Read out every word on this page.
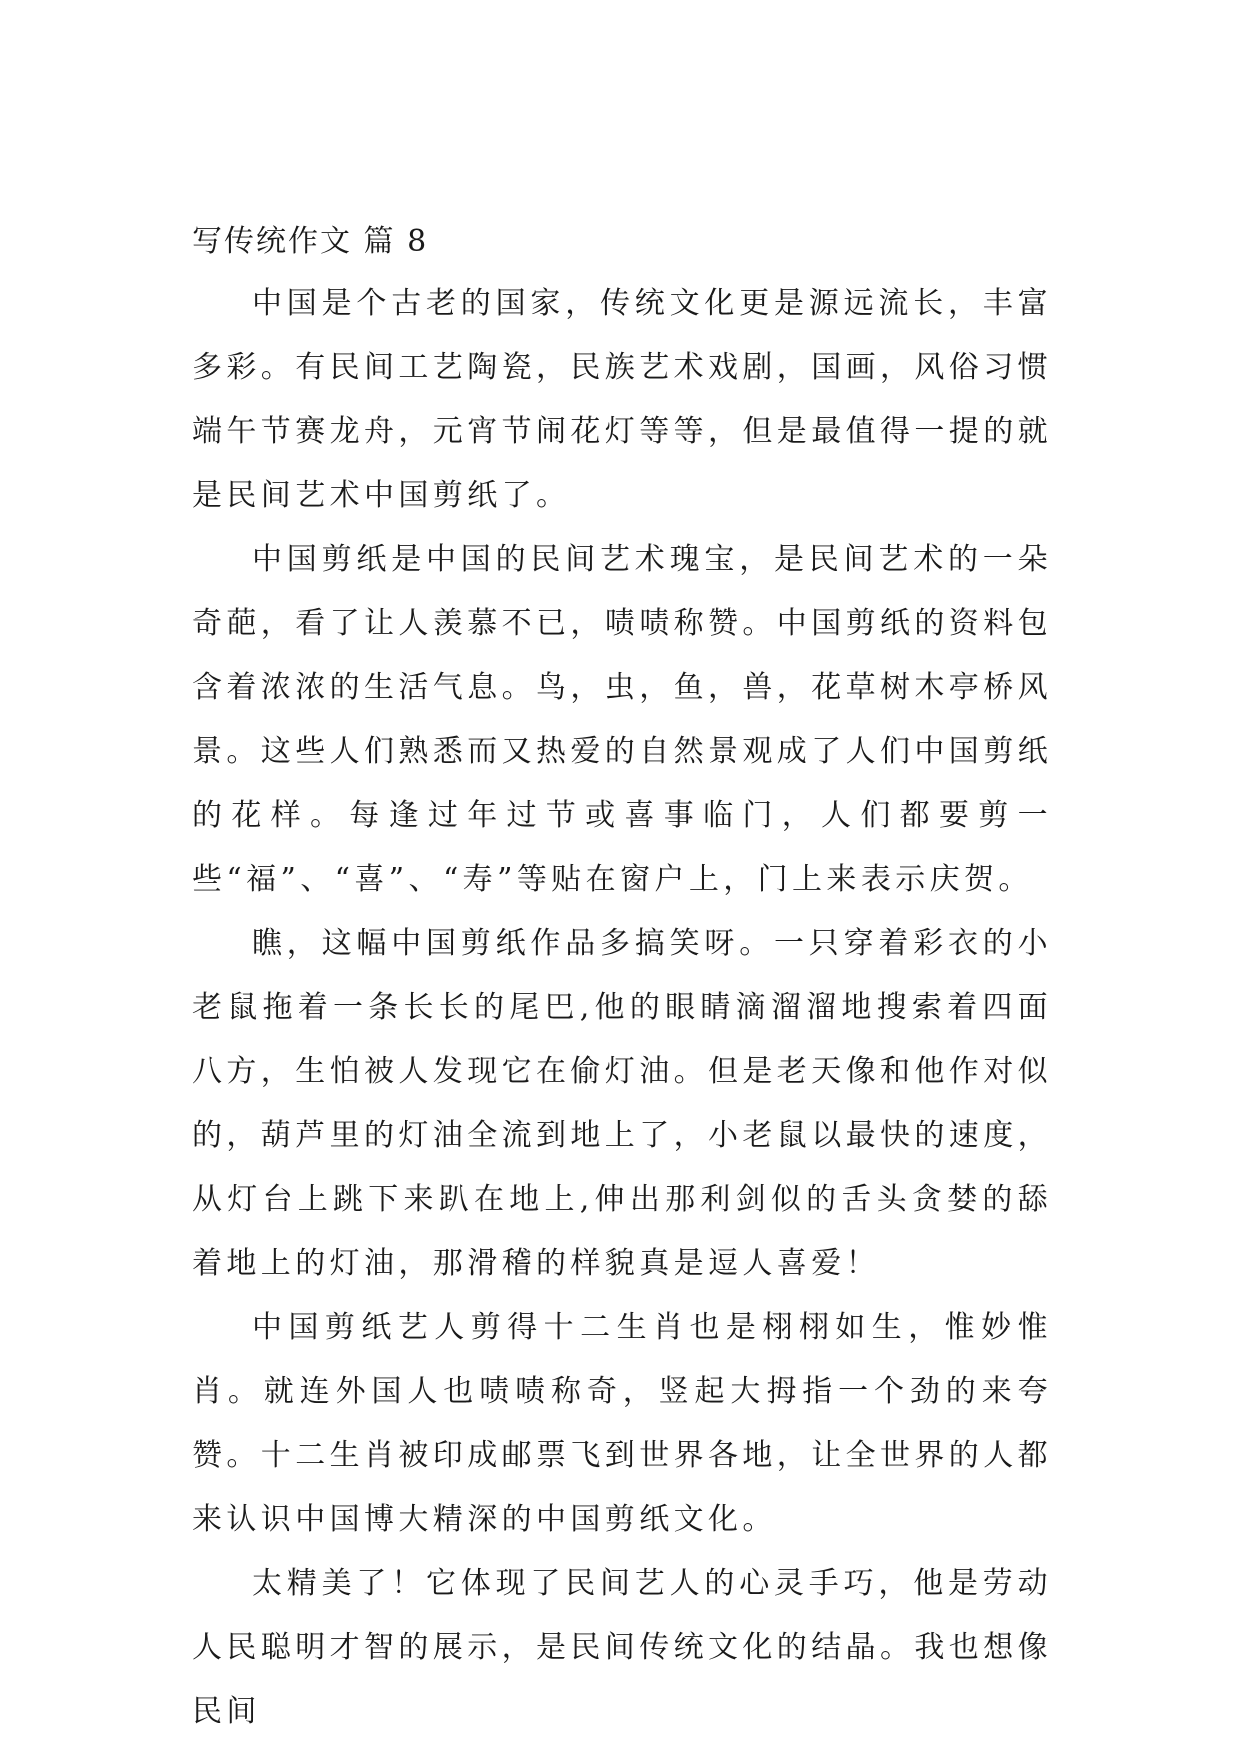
写传统作文 篇 8

中国是个古老的国家，传统文化更是源远流长，丰富多彩。有民间工艺陶瓷，民族艺术戏剧，国画，风俗习惯端午节赛龙舟，元宵节闹花灯等等，但是最值得一提的就是民间艺术中国剪纸了。

中国剪纸是中国的民间艺术瑰宝，是民间艺术的一朵奇葩，看了让人羡慕不已，啧啧称赞。中国剪纸的资料包含着浓浓的生活气息。鸟，虫，鱼，兽，花草树木亭桥风景。这些人们熟悉而又热爱的自然景观成了人们中国剪纸的花样。每逢过年过节或喜事临门，人们都要剪一些“福”、“喜”、“寿”等贴在窗户上，门上来表示庆贺。

瞧，这幅中国剪纸作品多搞笑呀。一只穿着彩衣的小老鼠拖着一条长长的尾巴,他的眼睛滴溜溜地搜索着四面八方，生怕被人发现它在偷灯油。但是老天像和他作对似的，葫芦里的灯油全流到地上了，小老鼠以最快的速度，从灯台上跳下来趴在地上,伸出那利剑似的舌头贪婪的舔着地上的灯油，那滑稽的样貌真是逗人喜爱！

中国剪纸艺人剪得十二生肖也是栩栩如生，惟妙惟肖。就连外国人也啧啧称奇，竖起大拇指一个劲的来夸赞。十二生肖被印成邮票飞到世界各地，让全世界的人都来认识中国博大精深的中国剪纸文化。

太精美了！它体现了民间艺人的心灵手巧，他是劳动人民聪明才智的展示，是民间传统文化的结晶。我也想像民间
